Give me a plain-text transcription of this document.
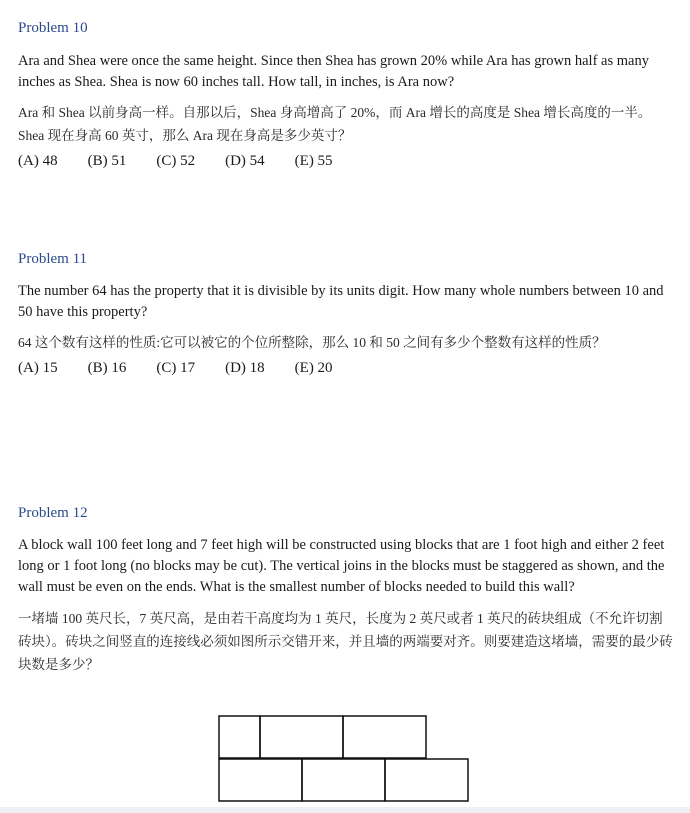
Problem 10

Ara and Shea were once the same height. Since then Shea has grown 20% while Ara has grown half as many inches as Shea. Shea is now 60 inches tall. How tall, in inches, is Ara now?

Ara 和 Shea 以前身高一样。自那以后，Shea 身高增高了 20%，而 Ara 增长的高度是 Shea 增长高度的一半。Shea 现在身高 60 英寸，那么 Ara 现在身高是多少英寸？

(A) 48 (B) 51 (C) 52 (D) 54 (E) 55

Problem 11

The number 64 has the property that it is divisible by its units digit. How many whole numbers between 10 and 50 have this property?

64 这个数有这样的性质:它可以被它的个位所整除，那么 10 和 50 之间有多少个整数有这样的性质？

(A) 15 (B) 16 (C) 17 (D) 18 (E) 20

Problem 12

A block wall 100 feet long and 7 feet high will be constructed using blocks that are 1 foot high and either 2 feet long or 1 foot long (no blocks may be cut). The vertical joins in the blocks must be staggered as shown, and the wall must be even on the ends. What is the smallest number of blocks needed to build this wall?

一堵墙 100 英尺长，7 英尺高，是由若干高度均为 1 英尺，长度为 2 英尺或者 1 英尺的砖块组成（不允许切割砖块）。砖块之间竖直的连接线必须如图所示交错开来，并且墙的两端要对齐。则要建造这堵墙，需要的最少砖块数是多少？
